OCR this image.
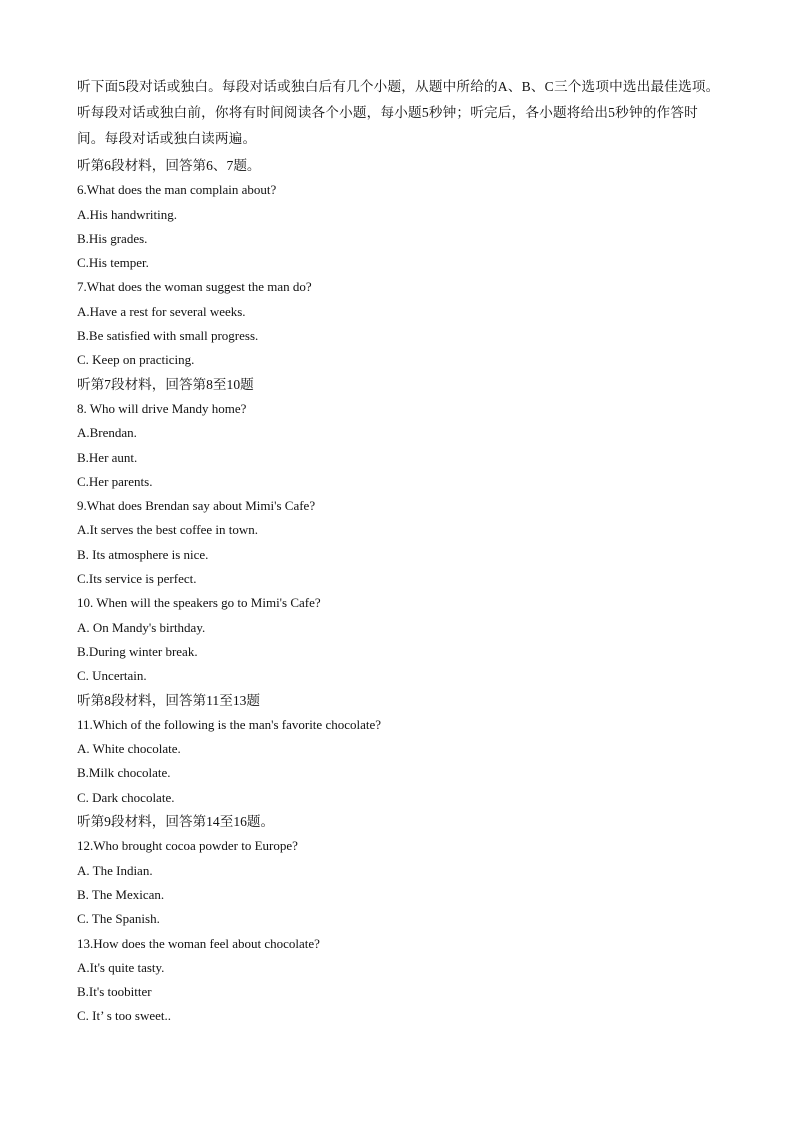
听下面5段对话或独白。每段对话或独白后有几个小题，从题中所给的A、B、C三个选项中选出最佳选项。
听每段对话或独白前，你将有时间阅读各个小题，每小题5秒钟；听完后，各小题将给出5秒钟的作答时
间。每段对话或独白读两遍。
听第6段材料，回答第6、7题。
6.What does the man complain about?
A.His handwriting.
B.His grades.
C.His temper.
7.What does the woman suggest the man do?
A.Have a rest for several weeks.
B.Be satisfied with small progress.
C. Keep on practicing.
听第7段材料，回答第8至10题
8. Who will drive Mandy home?
A.Brendan.
B.Her aunt.
C.Her parents.
9.What does Brendan say about Mimi's Cafe?
A.It serves the best coffee in town.
B. Its atmosphere is nice.
C.Its service is perfect.
10. When will the speakers go to Mimi's Cafe?
A. On Mandy's birthday.
B.During winter break.
C. Uncertain.
听第8段材料，回答第11至13题
11.Which of the following is the man's favorite chocolate?
A. White chocolate.
B.Milk chocolate.
C. Dark chocolate.
听第9段材料，回答第14至16题。
12.Who brought cocoa powder to Europe?
A. The Indian.
B. The Mexican.
C. The Spanish.
13.How does the woman feel about chocolate?
A.It's quite tasty.
B.It's toobitter
C. It’ s too sweet..
